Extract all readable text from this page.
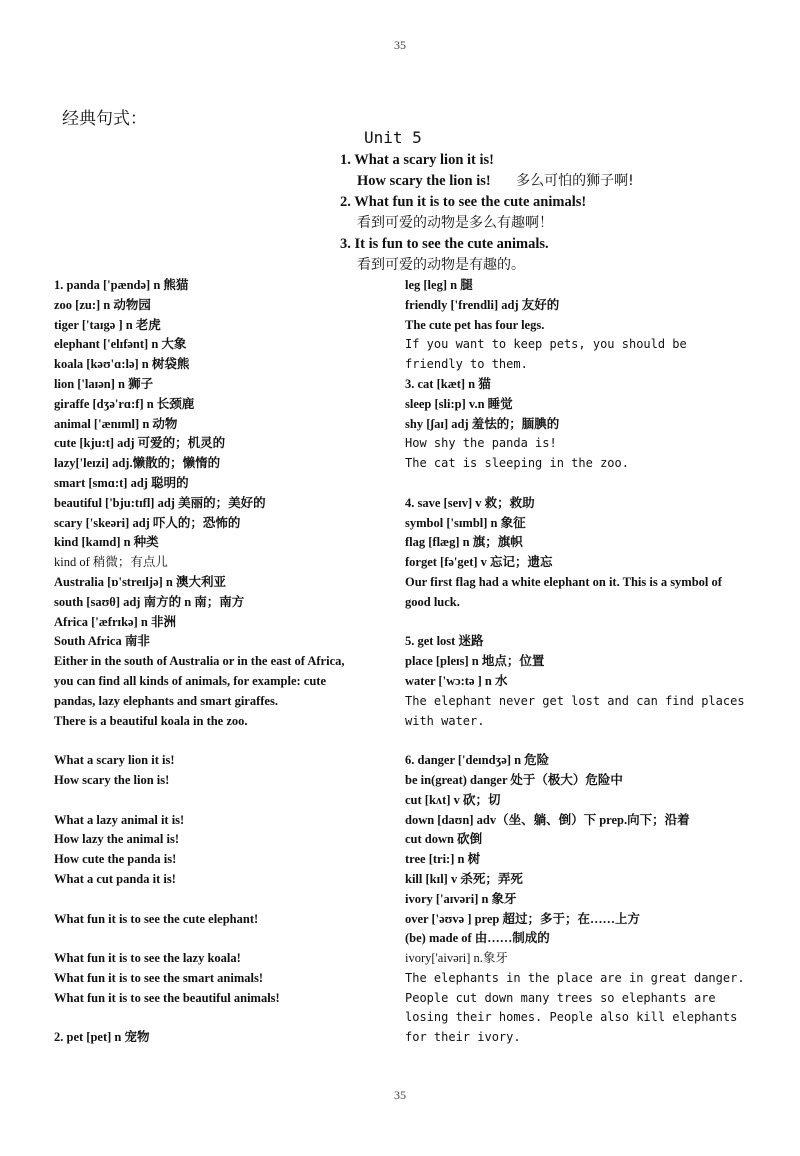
35
经典句式：
Unit 5

1. What a scary lion it is!

How scary the lion is! 多么可怕的狮子啊!

2. What fun it is to see the cute animals!

看到可爱的动物是多么有趣啊！

3. It is fun to see the cute animals.

看到可爱的动物是有趣的。

1. panda ['pændə] n 熊猫

zoo [zu:] n 动物园

tiger ['taɪgə ] n 老虎

elephant ['elɪfənt] n 大象

koala [kəʊ'ɑ:lə] n 树袋熊

lion ['laɪən] n 狮子

giraffe [dʒə'rɑ:f] n 长颈鹿

animal ['ænɪml] n 动物

cute [kju:t] adj 可爱的；机灵的

lazy['leɪzi] adj.懒散的；懒惰的

smart [smɑ:t] adj 聪明的

beautiful ['bju:tɪfl] adj 美丽的；美好的

scary ['skeəri] adj 吓人的；恐怖的

kind [kaɪnd] n 种类

kind of 稍微；有点儿

Australia [ɒ'streɪljə] n 澳大利亚

south [saʊθ] adj 南方的 n 南；南方

Africa ['æfrɪkə] n 非洲

South Africa 南非

Either in the south of Australia or in the east of Africa, you can find all kinds of animals, for example: cute pandas, lazy elephants and smart giraffes.

There is a beautiful koala in the zoo.

What a scary lion it is!

How scary the lion is!

What a lazy animal it is!

How lazy the animal is!

How cute the panda is!

What a cut panda it is!

What fun it is to see the cute elephant!

What fun it is to see the lazy koala!

What fun it is to see the smart animals!

What fun it is to see the beautiful animals!

2. pet [pet] n 宠物

leg [leg] n 腿

friendly ['frendli] adj 友好的

The cute pet has four legs.

If you want to keep pets, you should be friendly to them.

3. cat [kæt] n 猫

sleep [sli:p] v.n 睡觉

shy [ʃaɪ] adj 羞怯的；腼腆的

How shy the panda is!

The cat is sleeping in the zoo.

4. save [seɪv] v 救；救助

symbol ['sɪmbl] n 象征

flag [flæg] n 旗；旗帜

forget [fə'get] v 忘记；遗忘

Our first flag had a white elephant on it. This is a symbol of good luck.

5. get lost 迷路

place [pleɪs] n 地点；位置

water ['wɔ:tə ] n 水

The elephant never get lost and can find places with water.

6. danger ['deɪndʒə] n 危险

be in(great) danger 处于（极大）危险中

cut [kʌt] v 砍；切

down [daʊn] adv（坐、躺、倒）下 prep.向下；沿着

cut down 砍倒

tree [tri:] n 树

kill [kɪl] v 杀死；弄死

ivory ['aɪvəri] n 象牙

over ['əʊvə ] prep 超过；多于；在……上方

(be) made of 由……制成的

ivory['aivəri] n.象牙

The elephants in the place are in great danger. People cut down many trees so elephants are losing their homes. People also kill elephants for their ivory.

35
